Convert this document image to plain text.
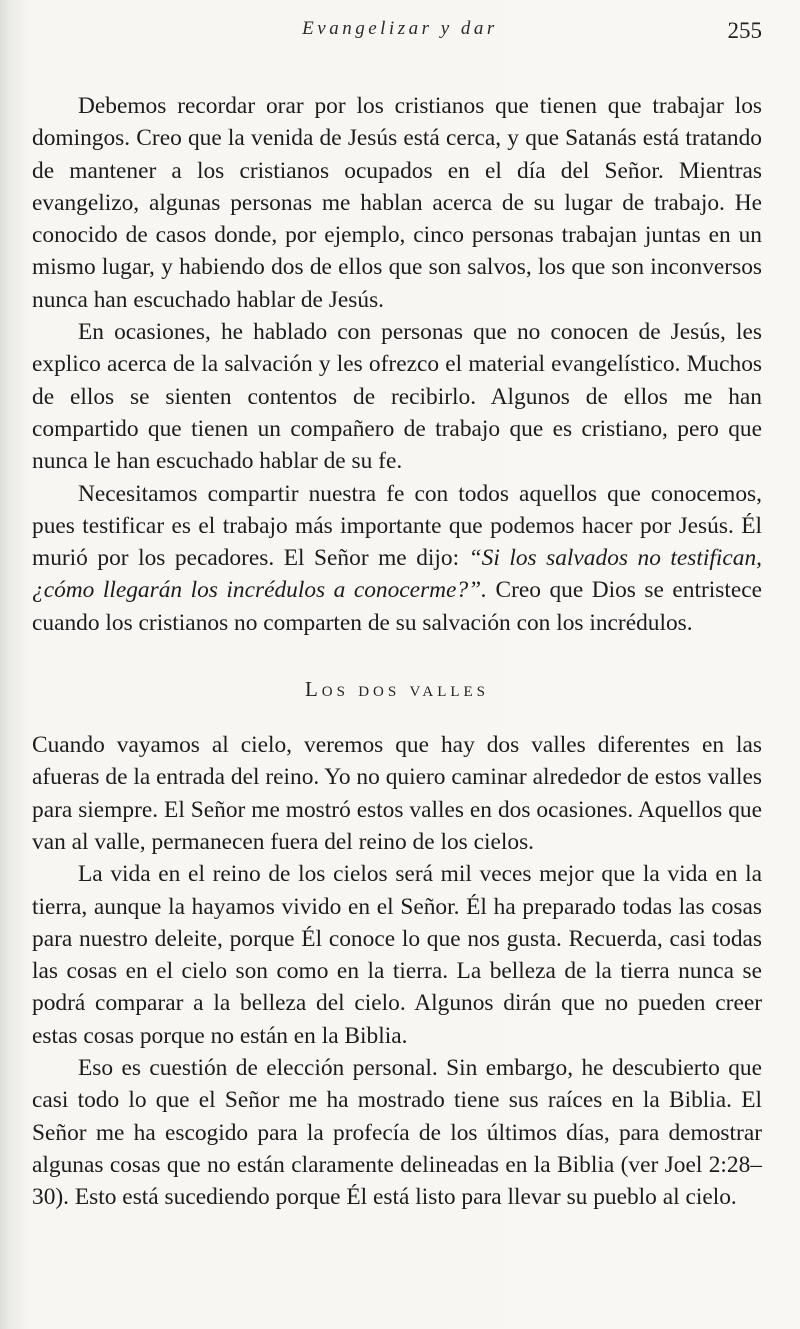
Evangelizar y dar	255

Debemos recordar orar por los cristianos que tienen que trabajar los domingos. Creo que la venida de Jesús está cerca, y que Satanás está tratando de mantener a los cristianos ocupados en el día del Señor. Mientras evangelizo, algunas personas me hablan acerca de su lugar de trabajo. He conocido de casos donde, por ejemplo, cinco personas trabajan juntas en un mismo lugar, y habiendo dos de ellos que son salvos, los que son inconversos nunca han escuchado hablar de Jesús.

En ocasiones, he hablado con personas que no conocen de Jesús, les explico acerca de la salvación y les ofrezco el material evangelístico. Muchos de ellos se sienten contentos de recibirlo. Algunos de ellos me han compartido que tienen un compañero de trabajo que es cristiano, pero que nunca le han escuchado hablar de su fe.

Necesitamos compartir nuestra fe con todos aquellos que conocemos, pues testificar es el trabajo más importante que podemos hacer por Jesús. Él murió por los pecadores. El Señor me dijo: “Si los salvados no testifican, ¿cómo llegarán los incrédulos a conocerme?”. Creo que Dios se entristece cuando los cristianos no comparten de su salvación con los incrédulos.

Los dos valles

Cuando vayamos al cielo, veremos que hay dos valles diferentes en las afueras de la entrada del reino. Yo no quiero caminar alrededor de estos valles para siempre. El Señor me mostró estos valles en dos ocasiones. Aquellos que van al valle, permanecen fuera del reino de los cielos.

La vida en el reino de los cielos será mil veces mejor que la vida en la tierra, aunque la hayamos vivido en el Señor. Él ha preparado todas las cosas para nuestro deleite, porque Él conoce lo que nos gusta. Recuerda, casi todas las cosas en el cielo son como en la tierra. La belleza de la tierra nunca se podrá comparar a la belleza del cielo. Algunos dirán que no pueden creer estas cosas porque no están en la Biblia.

Eso es cuestión de elección personal. Sin embargo, he descubierto que casi todo lo que el Señor me ha mostrado tiene sus raíces en la Biblia. El Señor me ha escogido para la profecía de los últimos días, para demostrar algunas cosas que no están claramente delineadas en la Biblia (ver Joel 2:28–30). Esto está sucediendo porque Él está listo para llevar su pueblo al cielo.
